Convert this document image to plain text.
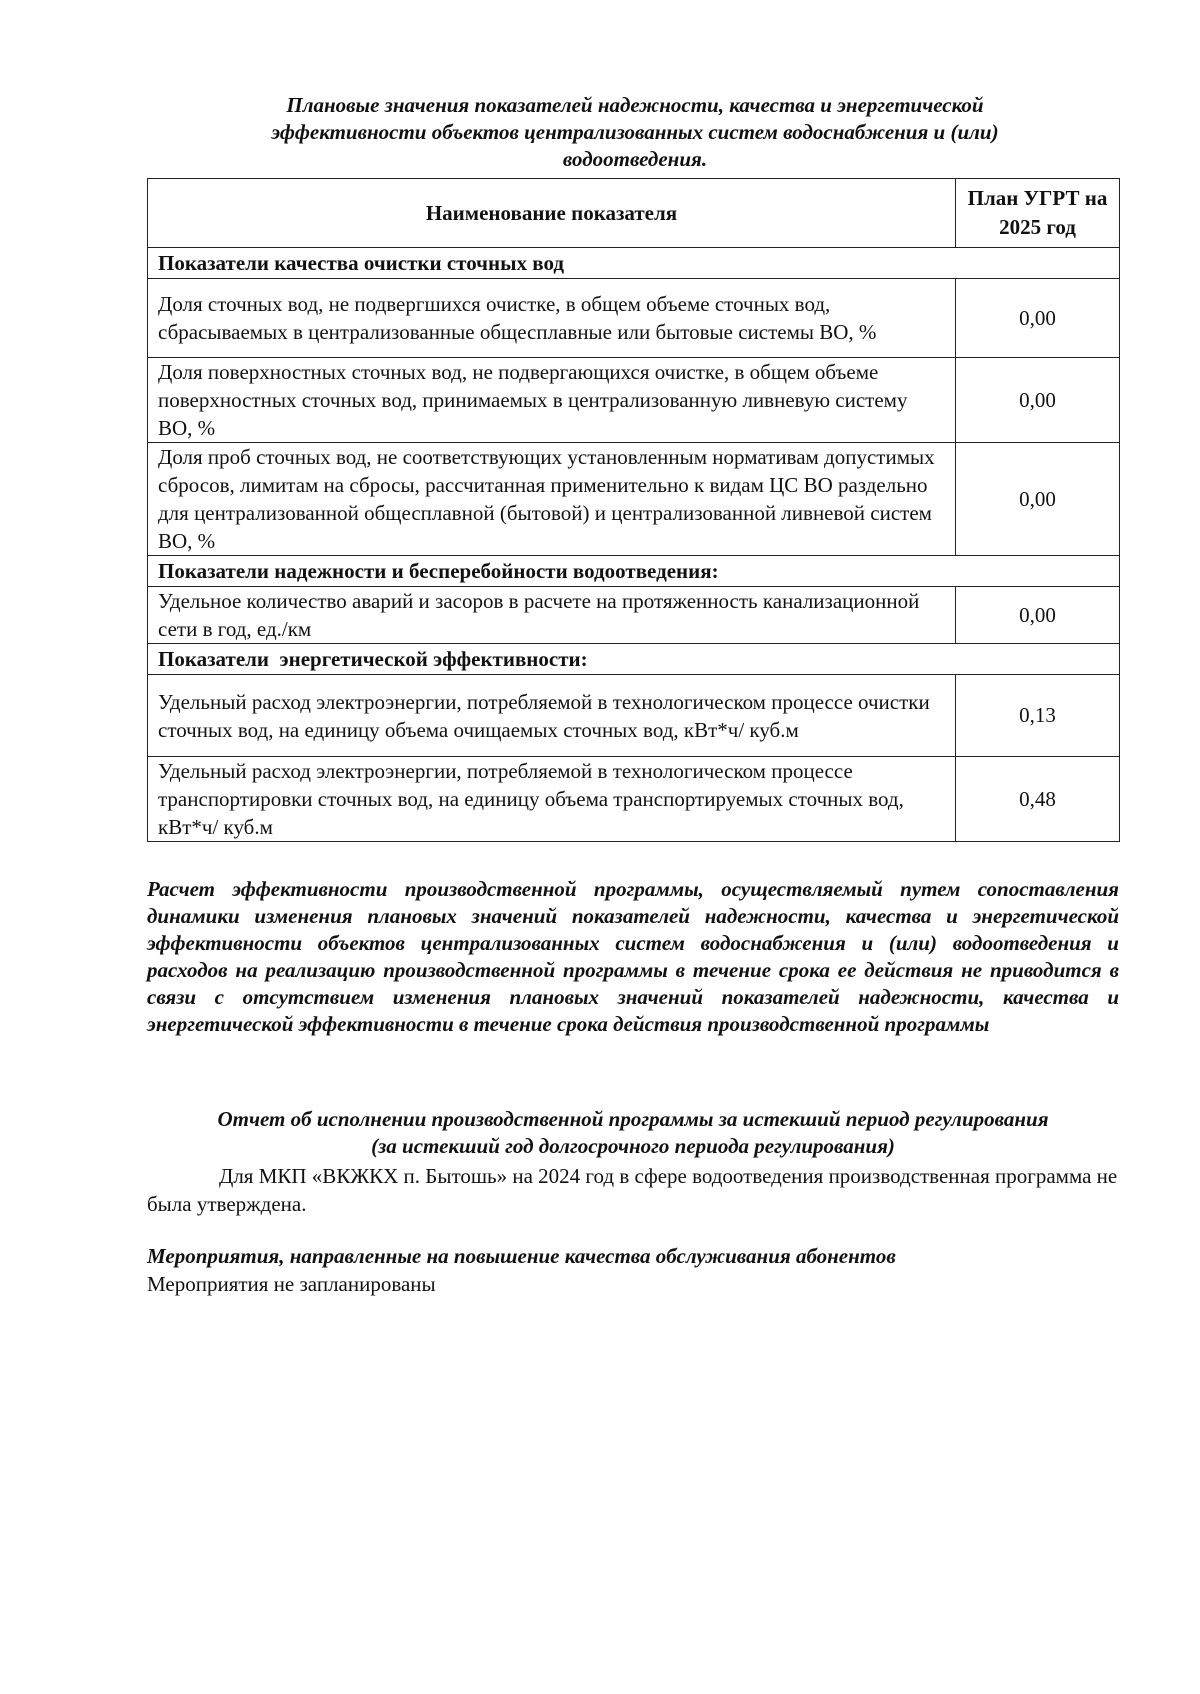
Плановые значения показателей надежности, качества и энергетической
эффективности объектов централизованных систем водоснабжения и (или)
водоотведения.
Наименование показателя	План УГРТ на 2025 год
Показатели качества очистки сточных вод	
Доля сточных вод, не подвергшихся очистке, в общем объеме сточных вод, сбрасываемых в централизованные общесплавные или бытовые системы ВО, %	0,00
Доля поверхностных сточных вод, не подвергающихся очистке, в общем объеме поверхностных сточных вод, принимаемых в централизованную ливневую систему ВО, %	0,00
Доля проб сточных вод, не соответствующих установленным нормативам допустимых сбросов, лимитам на сбросы, рассчитанная применительно к видам ЦС ВО раздельно для централизованной общесплавной (бытовой) и централизованной ливневой систем ВО, %	0,00
Показатели надежности и бесперебойности водоотведения:	
Удельное количество аварий и засоров в расчете на протяженность канализационной сети в год, ед./км	0,00
Показатели  энергетической эффективности:	
Удельный расход электроэнергии, потребляемой в технологическом процессе очистки сточных вод, на единицу объема очищаемых сточных вод, кВт*ч/ куб.м	0,13
Удельный расход электроэнергии, потребляемой в технологическом процессе транспортировки сточных вод, на единицу объема транспортируемых сточных вод, кВт*ч/ куб.м	0,48
Расчет эффективности производственной программы, осуществляемый путем сопоставления динамики изменения плановых значений показателей надежности, качества и энергетической эффективности объектов централизованных систем водоснабжения и (или) водоотведения и расходов на реализацию производственной программы в течение срока ее действия не приводится в связи с отсутствием изменения плановых значений показателей надежности, качества и энергетической эффективности в течение срока действия производственной программы
Отчет об исполнении производственной программы за истекший период регулирования
(за истекший год долгосрочного периода регулирования)
Для МКП «ВКЖКХ п. Бытошь» на 2024 год в сфере водоотведения производственная программа не была утверждена.
Мероприятия, направленные на повышение качества обслуживания абонентов
Мероприятия не запланированы
